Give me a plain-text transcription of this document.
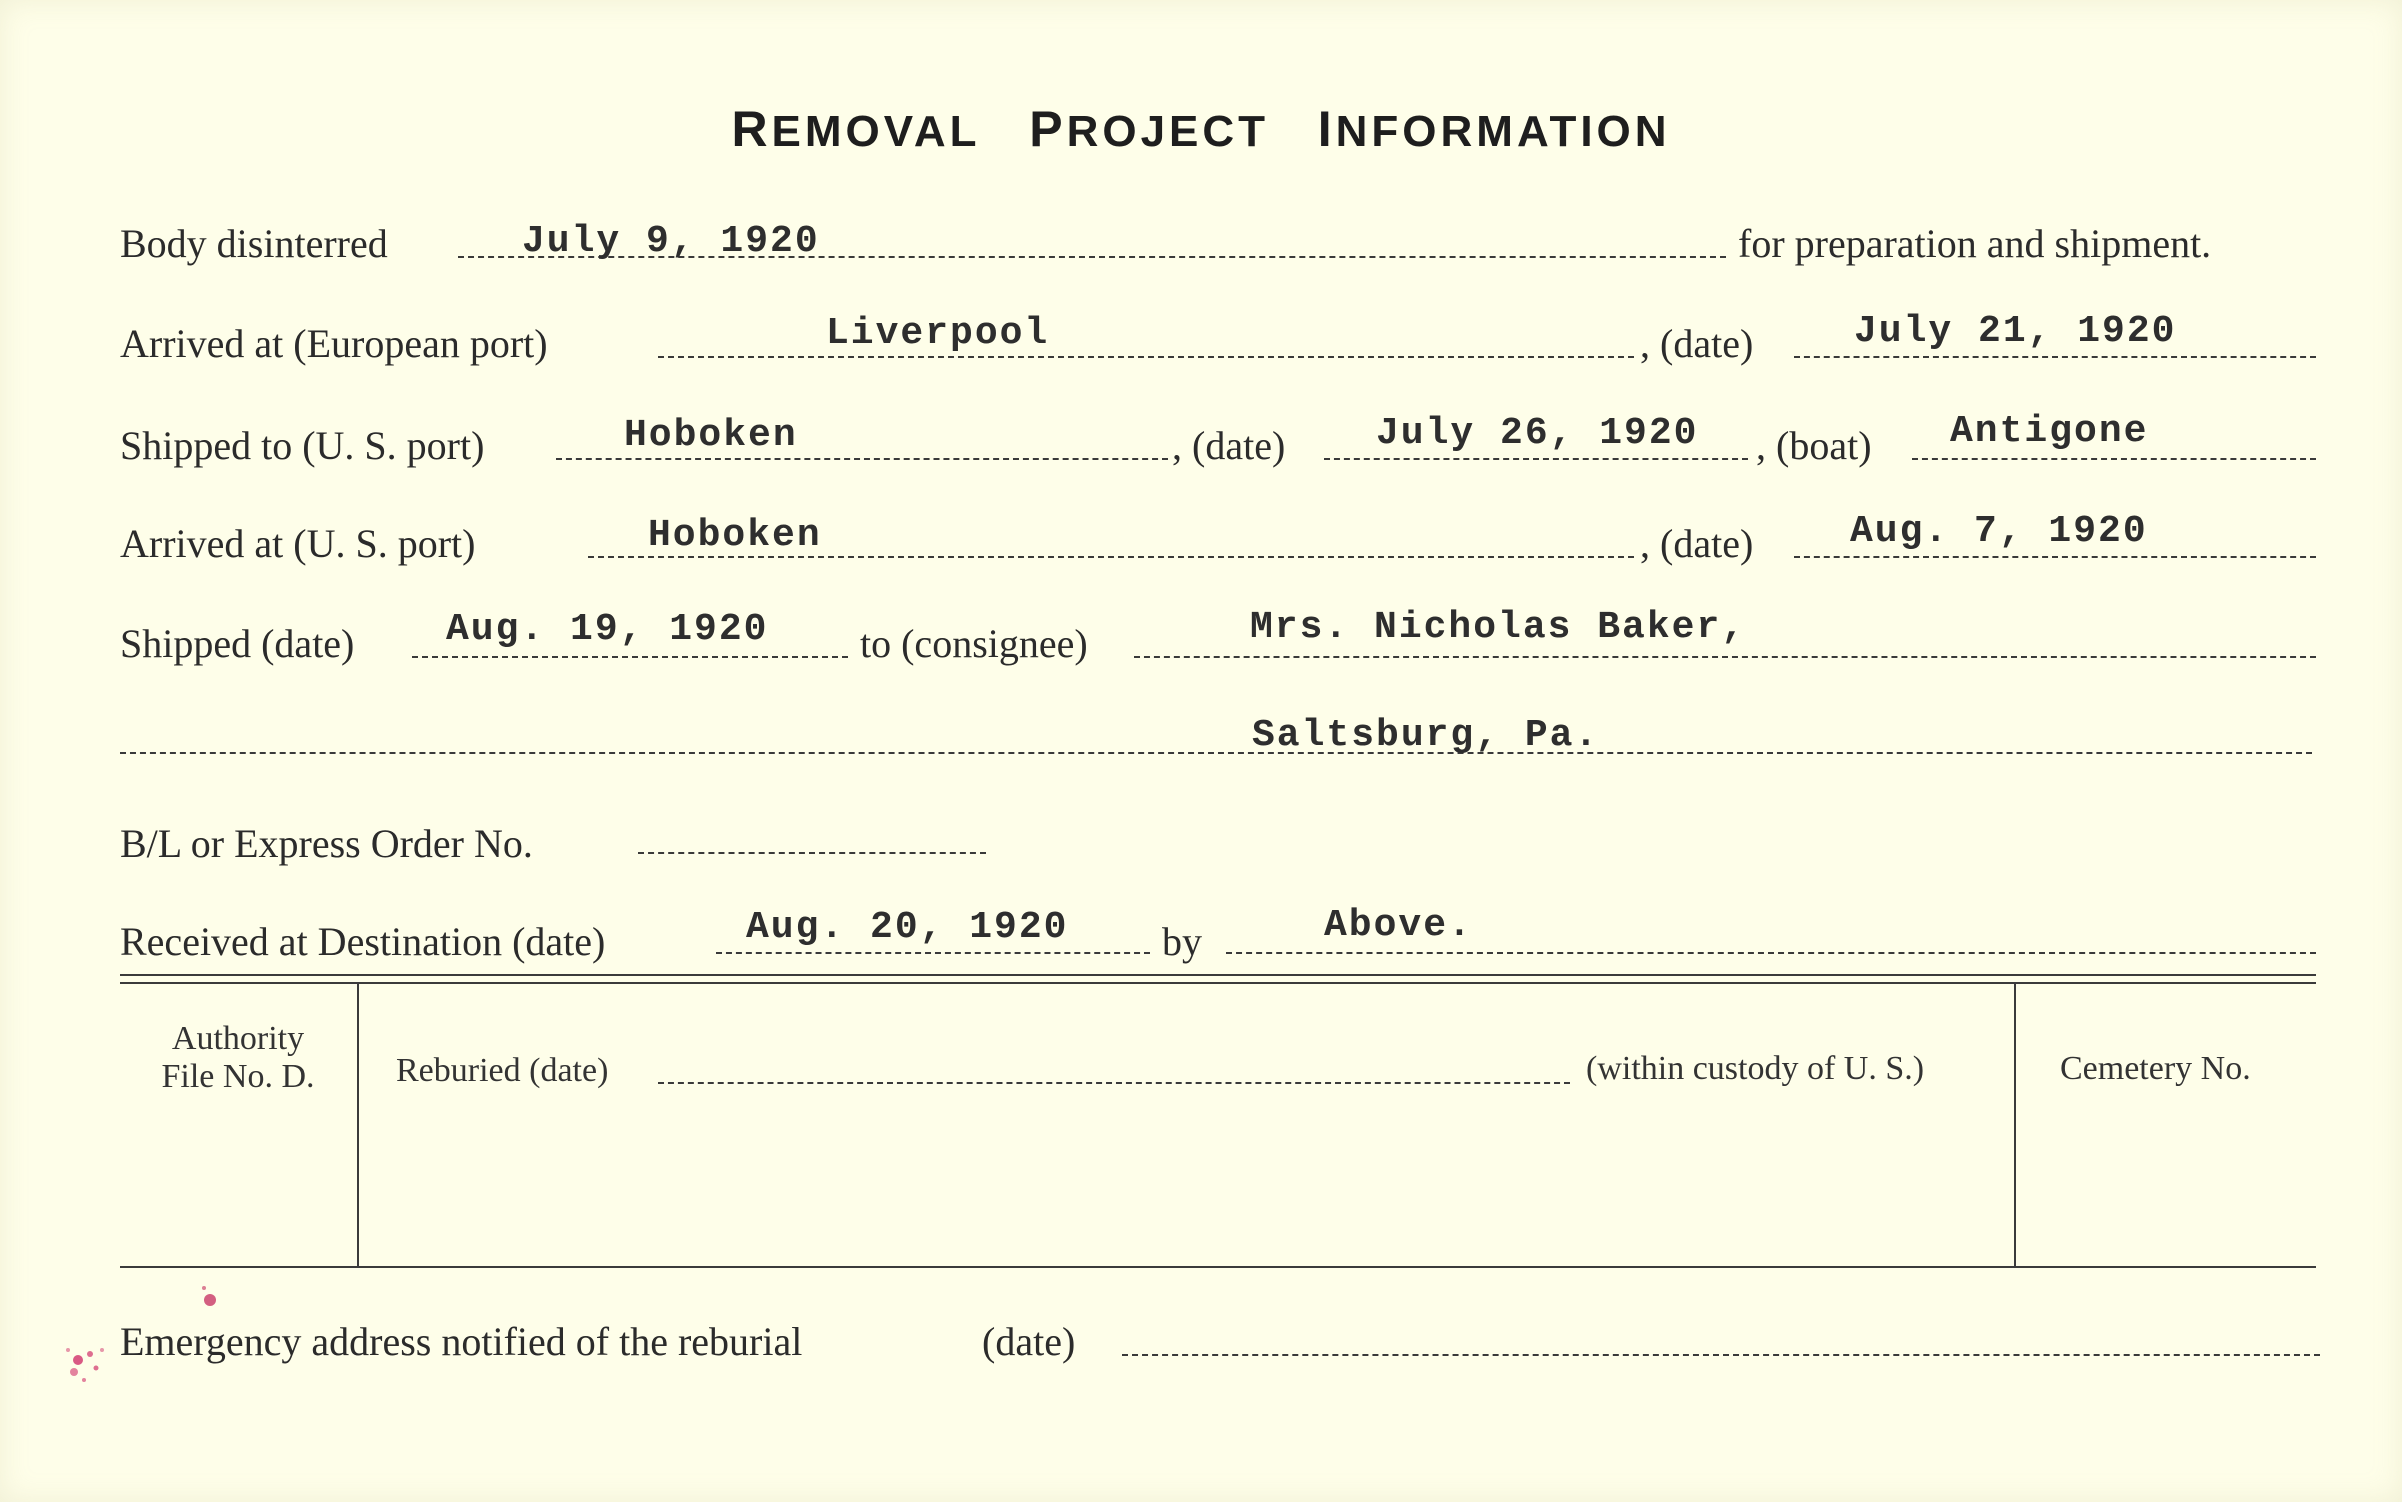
REMOVAL PROJECT INFORMATION
Body disinterred	July 9, 1920	for preparation and shipment.
Arrived at (European port)	Liverpool	, (date)	July 21, 1920
Shipped to (U. S. port)	Hoboken	, (date) July 26, 1920 , (boat) Antigone
Arrived at (U. S. port)	Hoboken	, (date)	Aug. 7, 1920
Shipped (date) Aug. 19, 1920 to (consignee)	Mrs. Nicholas Baker,
Saltsburg, Pa.
B/L or Express Order No.
Received at Destination (date)	Aug. 20, 1920 by	Above.
Authority
File No. D.	Reburied (date)	(within custody of U. S.)	Cemetery No.
Emergency address notified of the reburial	(date)
